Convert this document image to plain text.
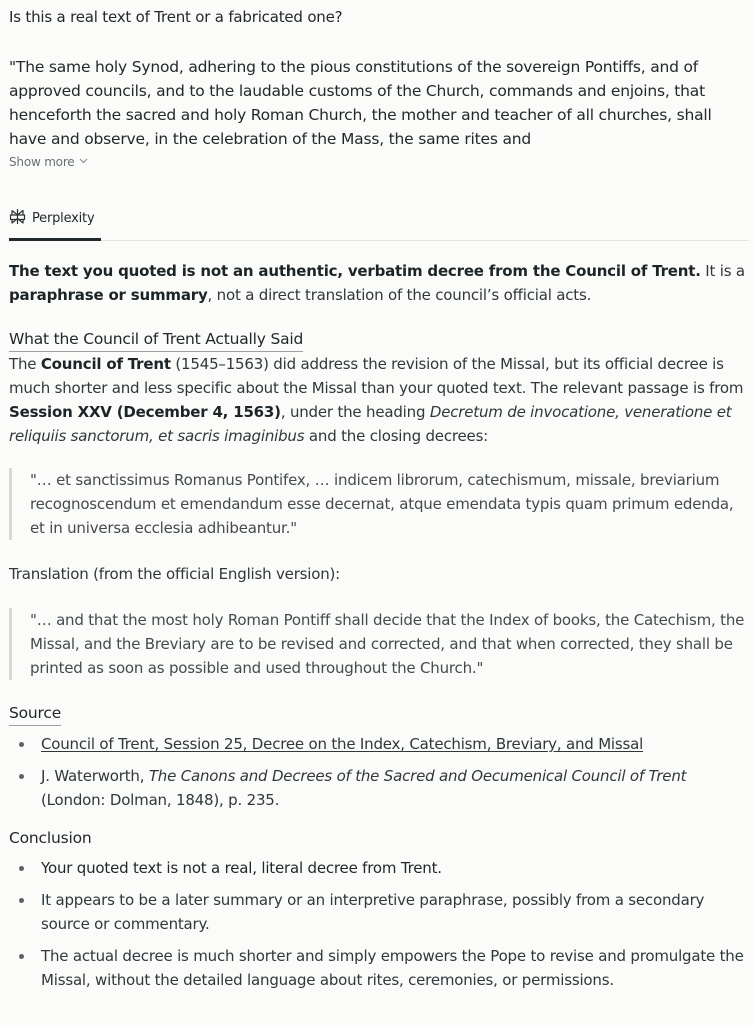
Is this a real text of Trent or a fabricated one?
"The same holy Synod, adhering to the pious constitutions of the sovereign Pontiffs, and of approved councils, and to the laudable customs of the Church, commands and enjoins, that henceforth the sacred and holy Roman Church, the mother and teacher of all churches, shall have and observe, in the celebration of the Mass, the same rites and
Show more
Perplexity

The text you quoted is not an authentic, verbatim decree from the Council of Trent. It is a paraphrase or summary, not a direct translation of the council’s official acts.

What the Council of Trent Actually Said

The Council of Trent (1545–1563) did address the revision of the Missal, but its official decree is much shorter and less specific about the Missal than your quoted text. The relevant passage is from Session XXV (December 4, 1563), under the heading Decretum de invocatione, veneratione et reliquiis sanctorum, et sacris imaginibus and the closing decrees:

"… et sanctissimus Romanus Pontifex, … indicem librorum, catechismum, missale, breviarium recognoscendum et emendandum esse decernat, atque emendata typis quam primum edenda, et in universa ecclesia adhibeantur."
Translation (from the official English version):
"… and that the most holy Roman Pontiff shall decide that the Index of books, the Catechism, the Missal, and the Breviary are to be revised and corrected, and that when corrected, they shall be printed as soon as possible and used throughout the Church."
Source
Council of Trent, Session 25, Decree on the Index, Catechism, Breviary, and Missal
J. Waterworth, The Canons and Decrees of the Sacred and Oecumenical Council of Trent (London: Dolman, 1848), p. 235.
Conclusion
Your quoted text is not a real, literal decree from Trent.
It appears to be a later summary or an interpretive paraphrase, possibly from a secondary source or commentary.
The actual decree is much shorter and simply empowers the Pope to revise and promulgate the Missal, without the detailed language about rites, ceremonies, or permissions.
